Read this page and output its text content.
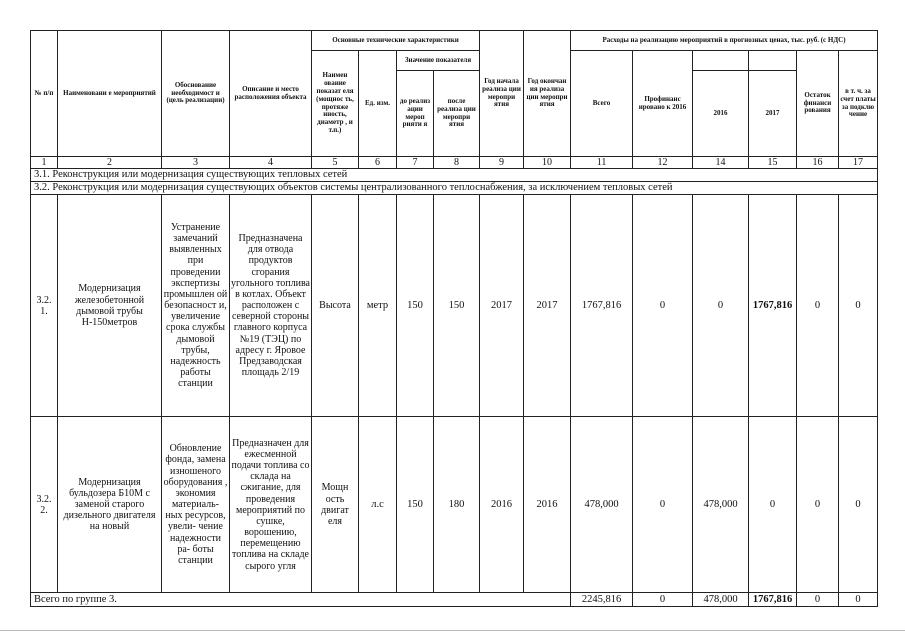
№ п/п	Наименовани е мероприятий	Обоснование необходимост и (цель реализации)	Описание и место расположения объекта	Основные технические характеристики				Год начала реализа ции меропри ятия	Год окончан ия реализа ции меропри ятия	Расходы на реализацию мероприятий в прогнозных ценах, тыс. руб. (с НДС)					
				Наимен ование показат еля (мощнос ть, протяже нность, диаметр , и т.п.)	Ед. изм.	Значение показателя				Всего	Профинанс ировано к 2016			Остаток финанси рования	в т. ч. за счет платы за подклю чение
						до реализ ации мероп рияти я	после реализа ции меропри ятия					2016	2017		
1	2	3	4	5	6	7	8	9	10	11	12	14	15	16	17
3.1. Реконструкция или модернизация существующих тепловых сетей															
3.2. Реконструкция или модернизация существующих объектов системы централизованного теплоснабжения, за исключением тепловых сетей															
3.2. 1.	Модернизация железобетонной дымовой трубы Н-150метров	Устранение замечаний выявленных при проведении экспертизы промышлен ой безопасност и, увеличение срока службы дымовой трубы, надежность работы станции	Предназначена для отвода продуктов сгорания угольного топлива в котлах. Объект расположен с северной стороны главного корпуса №19 (ТЭЦ) по адресу г. Яровое Предзаводская площадь 2/19	Высота	метр	150	150	2017	2017	1767,816	0	0	1767,816	0	0
3.2. 2.	Модернизация бульдозера Б10М с заменой старого дизельного двигателя на новый	Обновление фонда, замена изношеного оборудования , экономия материаль- ных ресурсов, увели- чение надежности ра- боты станции	Предназначен для ежесменной подачи топлива со склада на сжигание, для проведения мероприятий по сушке, ворошению, перемещению топлива на складе сырого угля	Мощн ость двигат еля	л.с	150	180	2016	2016	478,000	0	478,000	0	0	0
Всего по группе 3.										2245,816	0	478,000	1767,816	0	0
